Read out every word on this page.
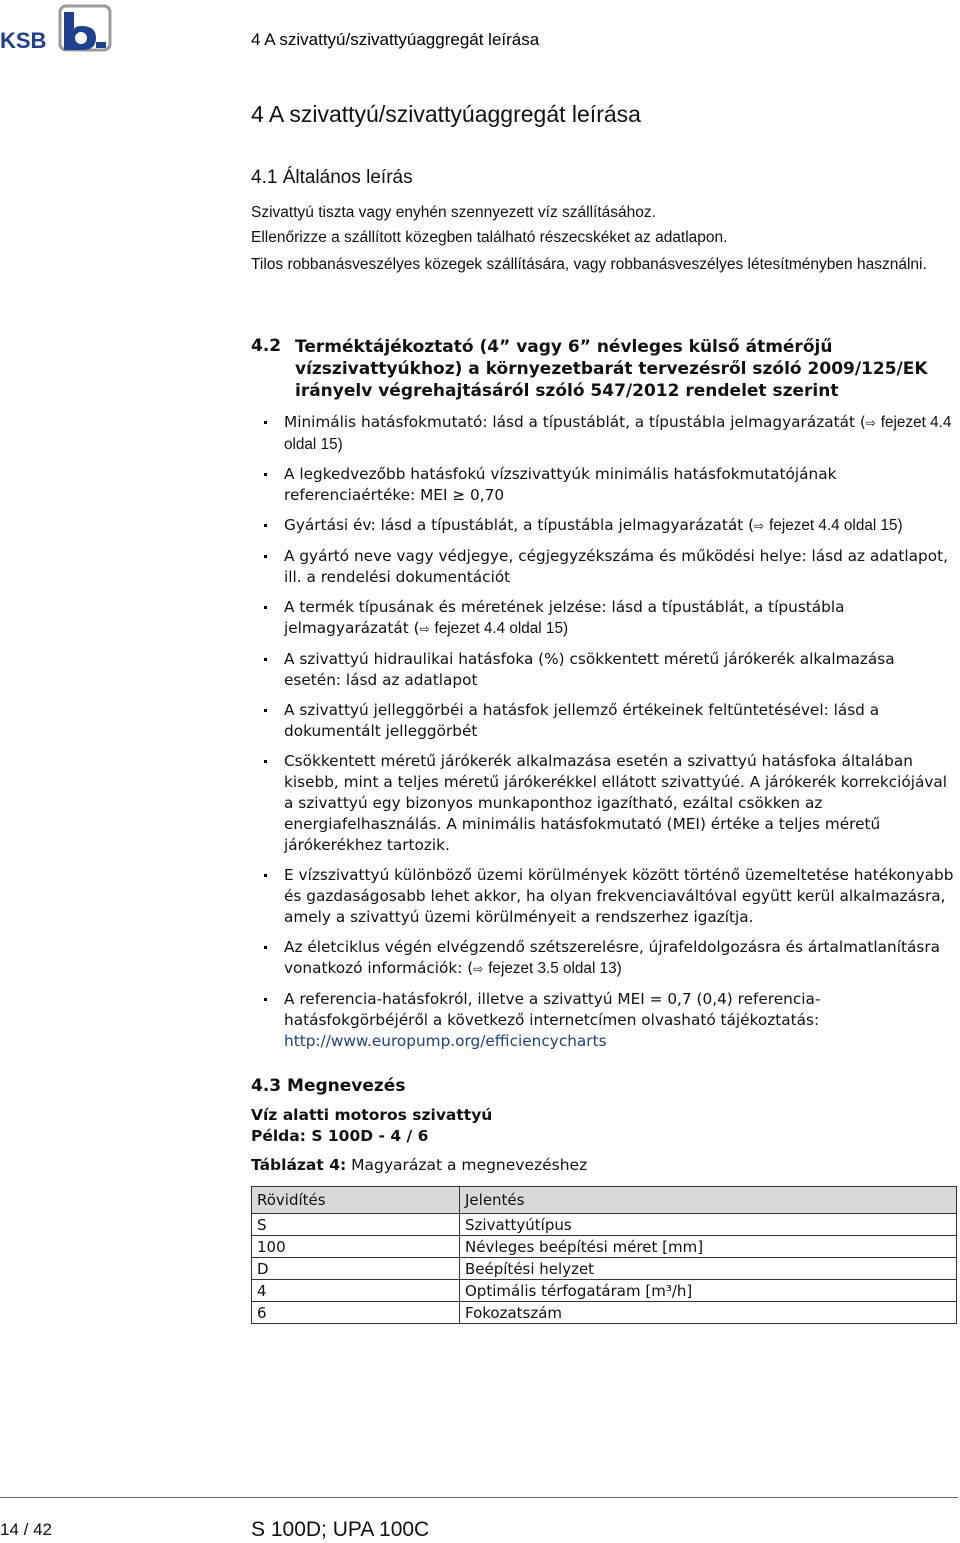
KSB	4 A szivattyú/szivattyúaggregát leírása
4 A szivattyú/szivattyúaggregát leírása
4.1 Általános leírás

Szivattyú tiszta vagy enyhén szennyezett víz szállításához.

Ellenőrizze a szállított közegben található részecskéket az adatlapon.

Tilos robbanásveszélyes közegek szállítására, vagy robbanásveszélyes létesítményben használni.

4.2 Terméktájékoztató (4” vagy 6” névleges külső átmérőjű vízszivattyúkhoz) a környezetbarát tervezésről szóló 2009/125/EK irányelv végrehajtásáról szóló 547/2012 rendelet szerint
Minimális hatásfokmutató: lásd a típustáblát, a típustábla jelmagyarázatát (⇨ fejezet 4.4 oldal 15)
A legkedvezőbb hatásfokú vízszivattyúk minimális hatásfokmutatójának referenciaértéke: MEI ≥ 0,70
Gyártási év: lásd a típustáblát, a típustábla jelmagyarázatát (⇨ fejezet 4.4 oldal 15)
A gyártó neve vagy védjegye, cégjegyzékszáma és működési helye: lásd az adatlapot, ill. a rendelési dokumentációt
A termék típusának és méretének jelzése: lásd a típustáblát, a típustábla jelmagyarázatát (⇨ fejezet 4.4 oldal 15)
A szivattyú hidraulikai hatásfoka (%) csökkentett méretű járókerék alkalmazása esetén: lásd az adatlapot
A szivattyú jelleggörbéi a hatásfok jellemző értékeinek feltüntetésével: lásd a dokumentált jelleggörbét
Csökkentett méretű járókerék alkalmazása esetén a szivattyú hatásfoka általában kisebb, mint a teljes méretű járókerékkel ellátott szivattyúé. A járókerék korrekciójával a szivattyú egy bizonyos munkaponthoz igazítható, ezáltal csökken az energiafelhasználás. A minimális hatásfokmutató (MEI) értéke a teljes méretű járókerékhez tartozik.
E vízszivattyú különböző üzemi körülmények között történő üzemeltetése hatékonyabb és gazdaságosabb lehet akkor, ha olyan frekvenciaváltóval együtt kerül alkalmazásra, amely a szivattyú üzemi körülményeit a rendszerhez igazítja.
Az életciklus végén elvégzendő szétszerelésre, újrafeldolgozásra és ártalmatlanításra vonatkozó információk: (⇨ fejezet 3.5 oldal 13)
A referencia-hatásfokról, illetve a szivattyú MEI = 0,7 (0,4) referencia-hatásfokgörbéjéről a következő internetcímen olvasható tájékoztatás: http://www.europump.org/efficiencycharts
4.3 Megnevezés
Víz alatti motoros szivattyú
Példa: S 100D - 4 / 6
Táblázat 4: Magyarázat a megnevezéshez
Rövidítés	Jelentés
S	Szivattyútípus
100	Névleges beépítési méret [mm]
D	Beépítési helyzet
4	Optimális térfogatáram [m³/h]
6	Fokozatszám
14 / 42	S 100D; UPA 100C
